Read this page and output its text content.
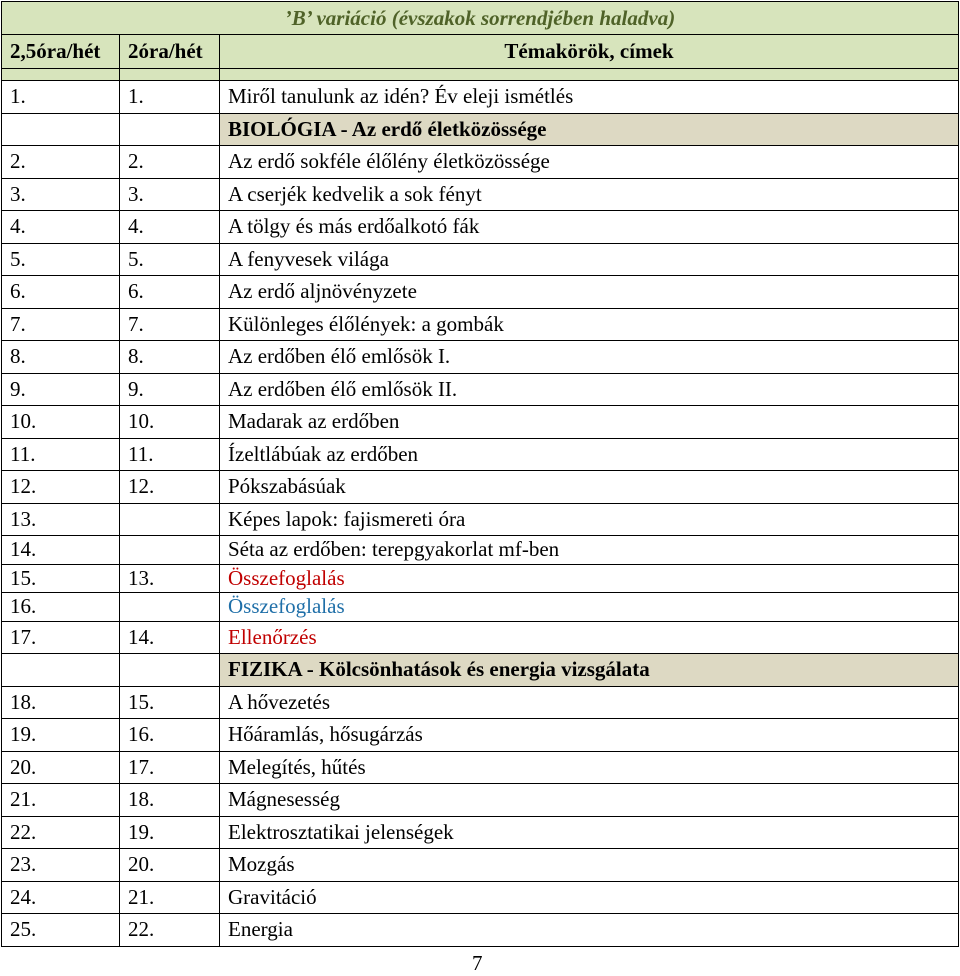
’B’ variáció (évszakok sorrendjében haladva)		
2,5óra/hét	2óra/hét	Témakörök, címek

1.	1.	Miről tanulunk az idén? Év eleji ismétlés
		BIOLÓGIA - Az erdő életközössége
2.	2.	Az erdő sokféle élőlény életközössége
3.	3.	A cserjék kedvelik a sok fényt
4.	4.	A tölgy és más erdőalkotó fák
5.	5.	A fenyvesek világa
6.	6.	Az erdő aljnövényzete
7.	7.	Különleges élőlények: a gombák
8.	8.	Az erdőben élő emlősök I.
9.	9.	Az erdőben élő emlősök II.
10.	10.	Madarak az erdőben
11.	11.	Ízeltlábúak az erdőben
12.	12.	Pókszabásúak
13.		Képes lapok: fajismereti óra
14.		Séta az erdőben: terepgyakorlat mf-ben
15.	13.	Összefoglalás
16.		Összefoglalás
17.	14.	Ellenőrzés
		FIZIKA - Kölcsönhatások és energia vizsgálata
18.	15.	A hővezetés
19.	16.	Hőáramlás, hősugárzás
20.	17.	Melegítés, hűtés
21.	18.	Mágnesesség
22.	19.	Elektrosztatikai jelenségek
23.	20.	Mozgás
24.	21.	Gravitáció
25.	22.	Energia
7
